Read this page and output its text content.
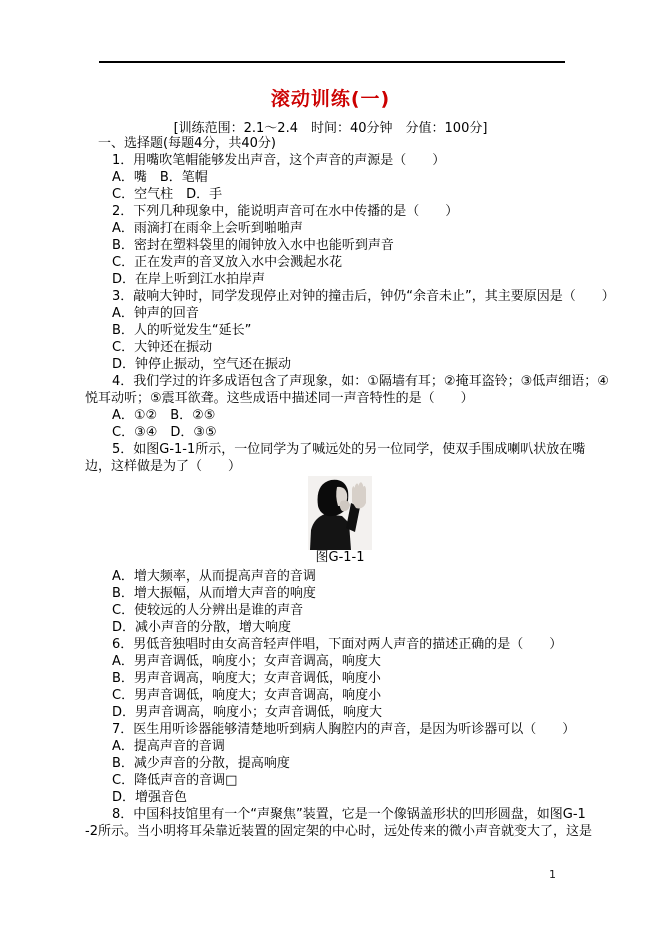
滚动训练(一)
[训练范围：2.1～2.4　时间：40分钟　分值：100分]
一、选择题(每题4分，共40分)
1．用嘴吹笔帽能够发出声音，这个声音的声源是（　　）
A．嘴　B．笔帽
C．空气柱　D．手
2．下列几种现象中，能说明声音可在水中传播的是（　　）
A．雨滴打在雨伞上会听到啪啪声
B．密封在塑料袋里的闹钟放入水中也能听到声音
C．正在发声的音叉放入水中会溅起水花
D．在岸上听到江水拍岸声
3．敲响大钟时，同学发现停止对钟的撞击后，钟仍“余音未止”，其主要原因是（　　）
A．钟声的回音
B．人的听觉发生“延长”
C．大钟还在振动
D．钟停止振动，空气还在振动
4．我们学过的许多成语包含了声现象，如：①隔墙有耳；②掩耳盗铃；③低声细语；④
悦耳动听；⑤震耳欲聋。这些成语中描述同一声音特性的是（　　）
A．①②　B．②⑤
C．③④　D．③⑤
5．如图G-1-1所示，一位同学为了喊远处的另一位同学，使双手围成喇叭状放在嘴
边，这样做是为了（　　）
图G-1-1
A．增大频率，从而提高声音的音调
B．增大振幅，从而增大声音的响度
C．使较远的人分辨出是谁的声音
D．减小声音的分散，增大响度
6．男低音独唱时由女高音轻声伴唱，下面对两人声音的描述正确的是（　　）
A．男声音调低，响度小；女声音调高，响度大
B．男声音调高，响度大；女声音调低，响度小
C．男声音调低，响度大；女声音调高，响度小
D．男声音调高，响度小；女声音调低，响度大
7．医生用听诊器能够清楚地听到病人胸腔内的声音，是因为听诊器可以（　　）
A．提高声音的音调
B．减少声音的分散，提高响度
C．降低声音的音调□
D．增强音色
8．中国科技馆里有一个“声聚焦”装置，它是一个像锅盖形状的凹形圆盘，如图G-1
-2所示。当小明将耳朵靠近装置的固定架的中心时，远处传来的微小声音就变大了，这是
1
